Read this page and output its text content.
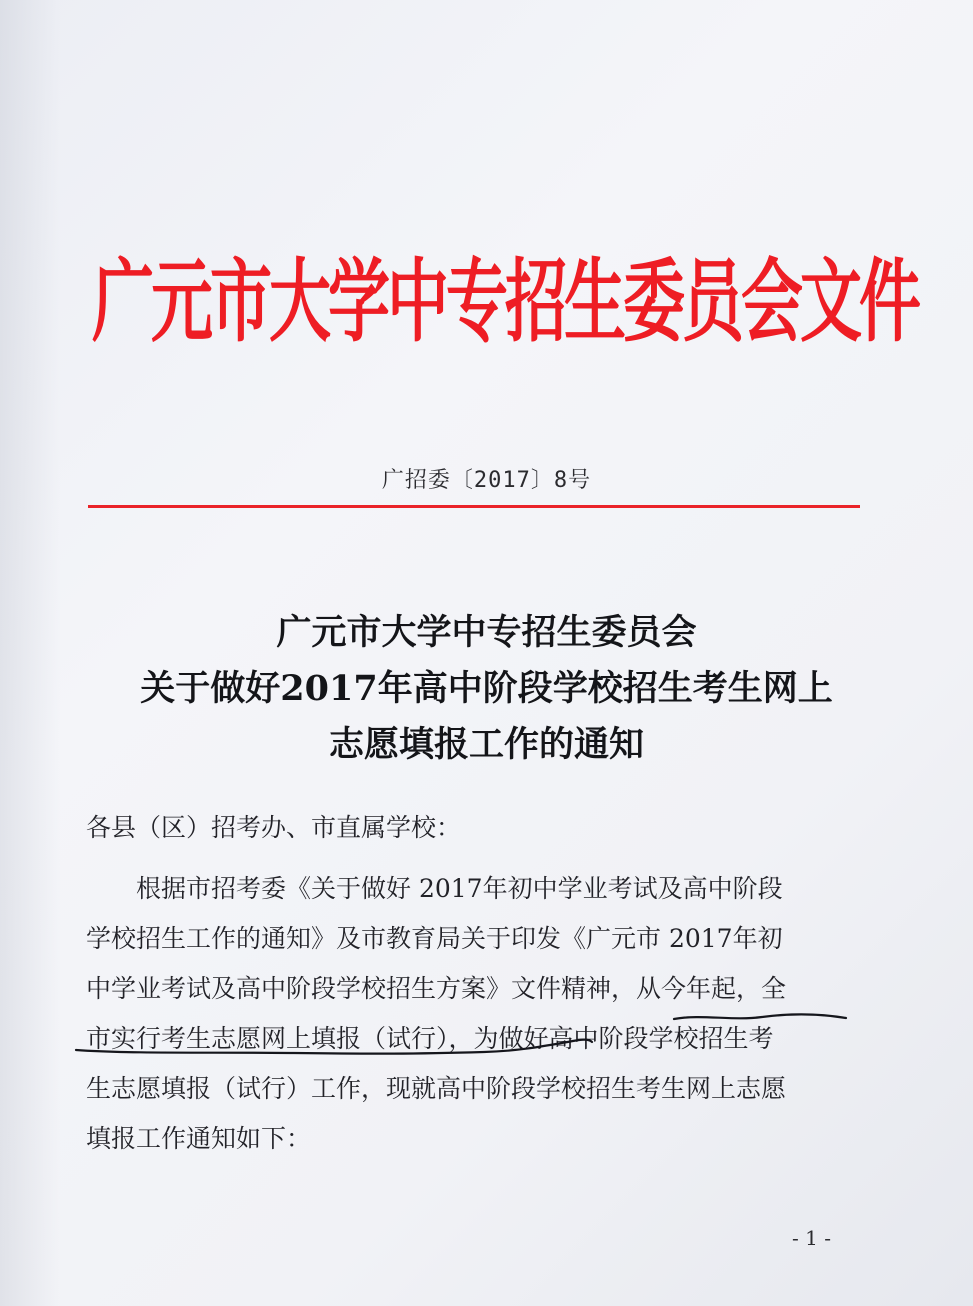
广元市大学中专招生委员会文件
广招委〔2017〕8号
广元市大学中专招生委员会
关于做好2017年高中阶段学校招生考生网上
志愿填报工作的通知
各县（区）招考办、市直属学校：
根据市招考委《关于做好 2017年初中学业考试及高中阶段
学校招生工作的通知》及市教育局关于印发《广元市 2017年初
中学业考试及高中阶段学校招生方案》文件精神，从今年起，全
市实行考生志愿网上填报（试行），为做好高中阶段学校招生考
生志愿填报（试行）工作，现就高中阶段学校招生考生网上志愿
填报工作通知如下：
- 1 -
